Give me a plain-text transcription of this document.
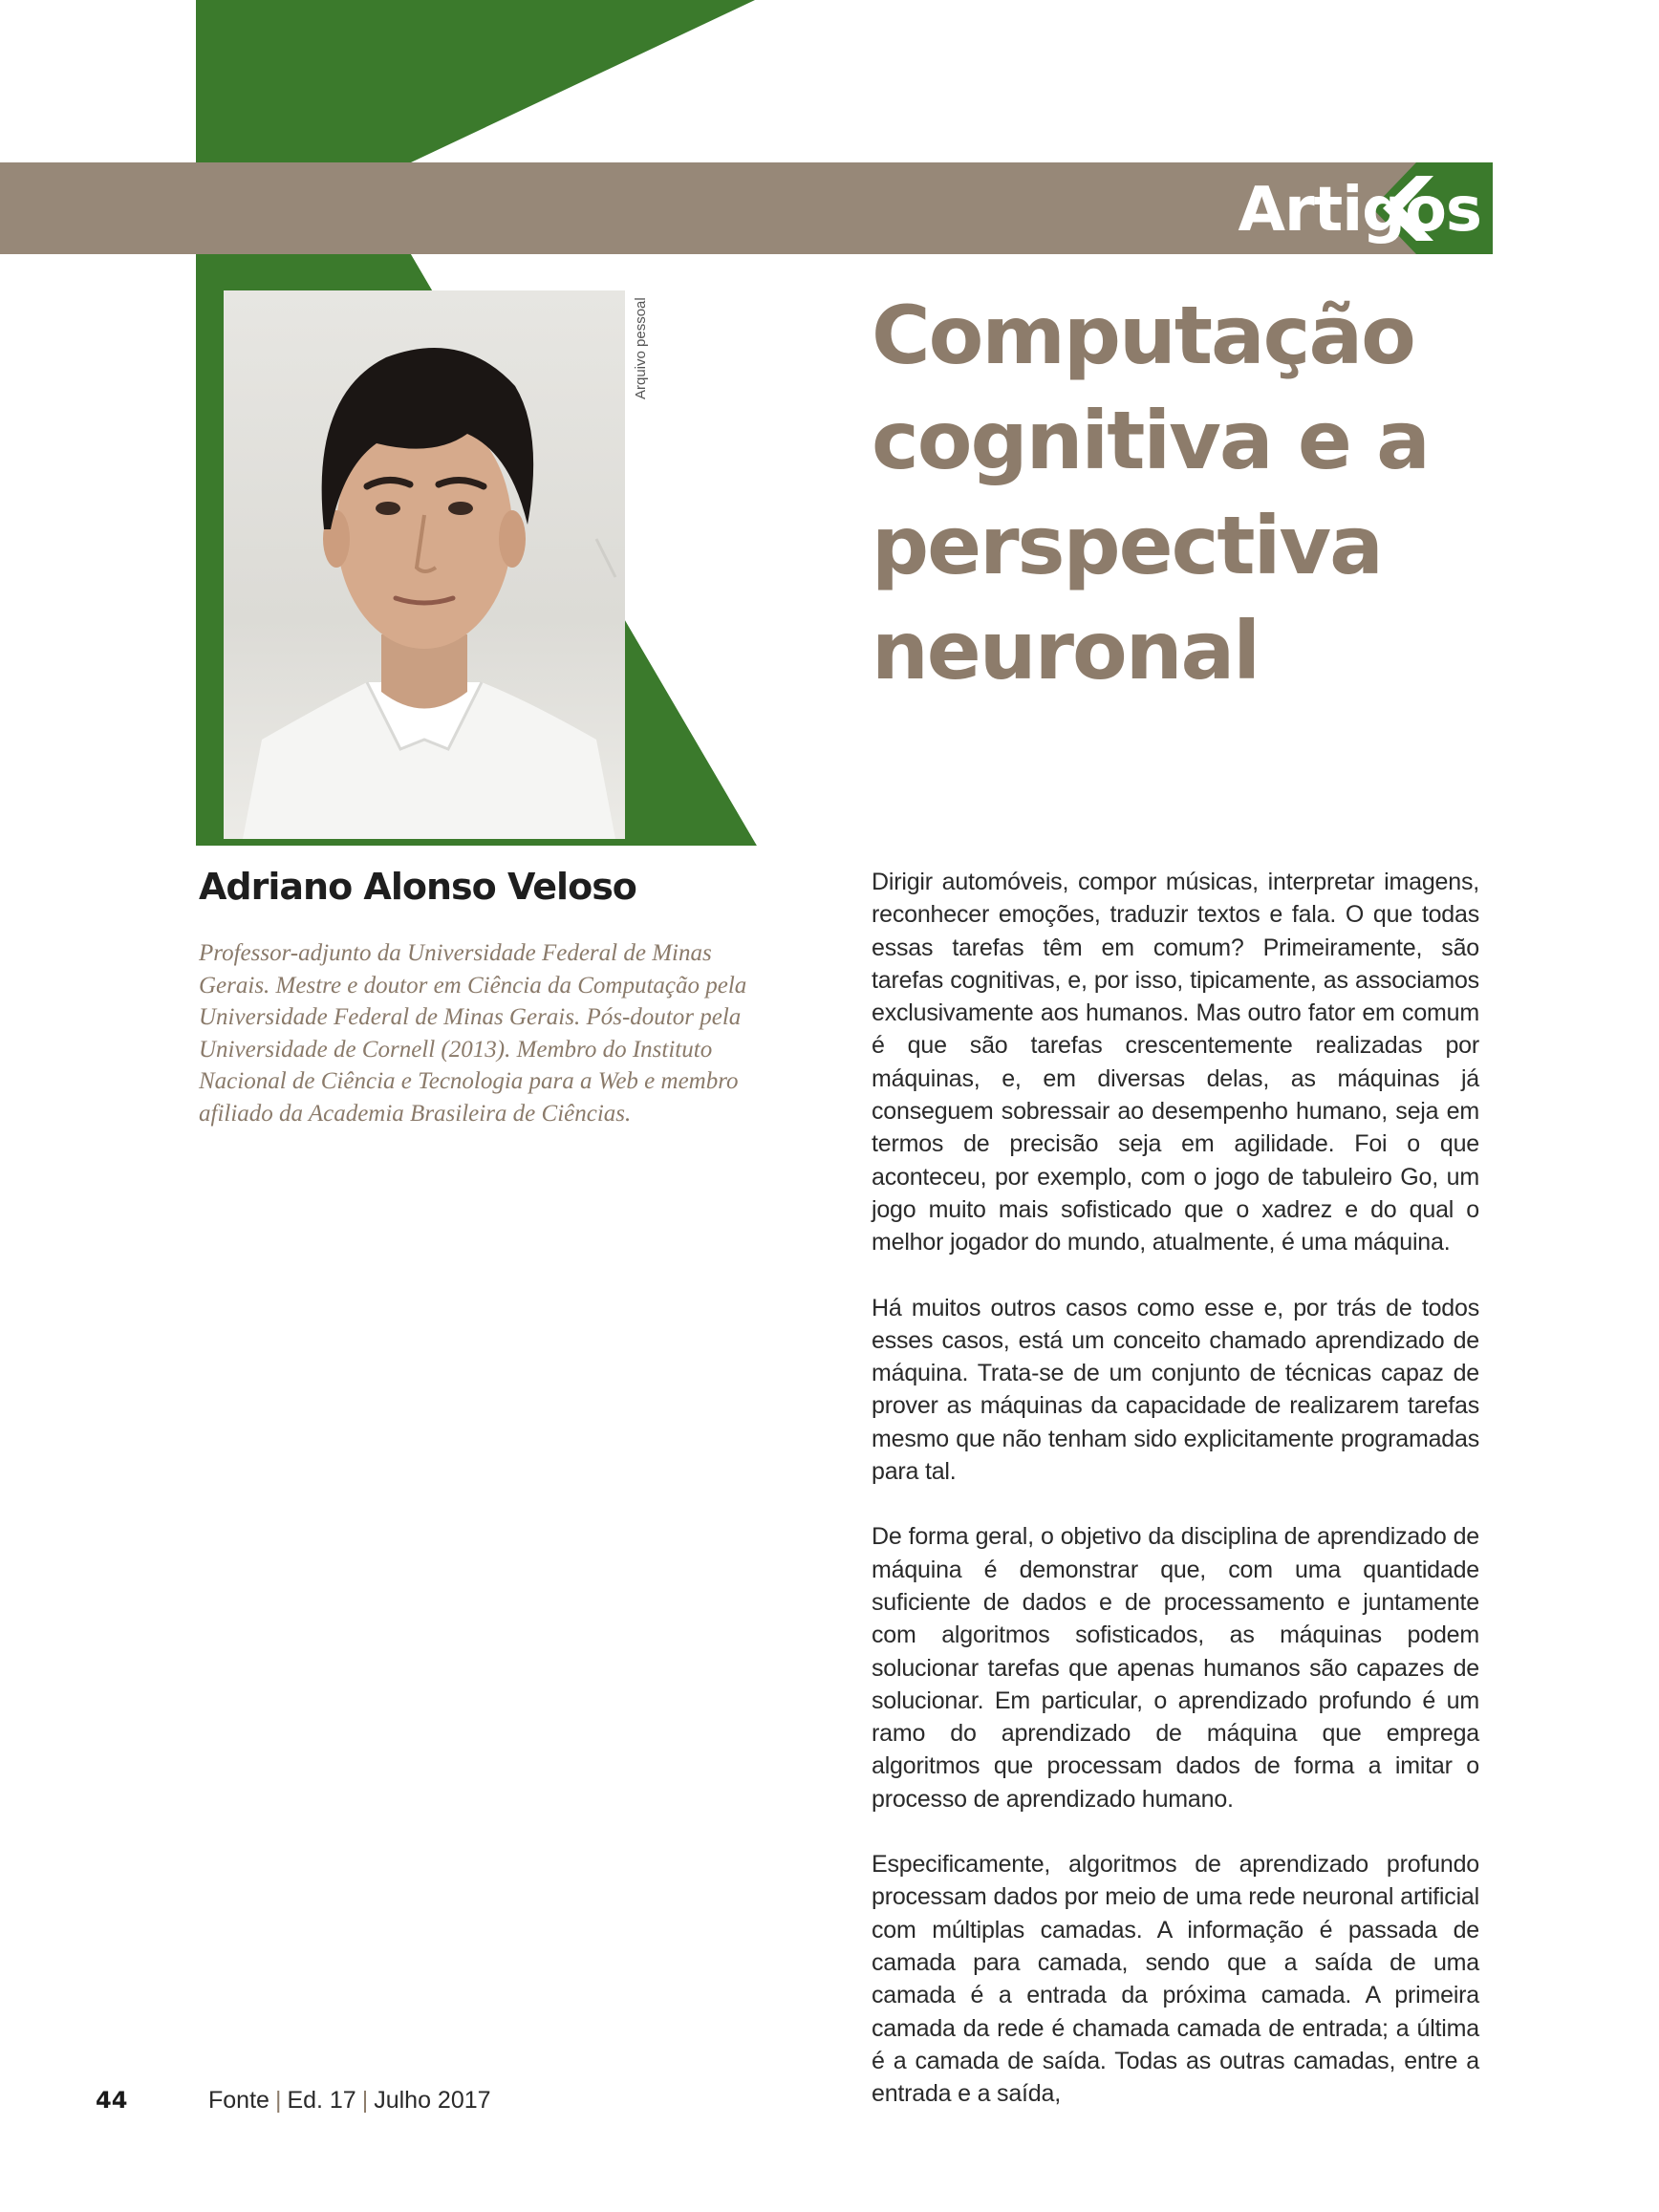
Artigos
Computação
cognitiva e a
perspectiva
neuronal
Arquivo pessoal
Adriano Alonso Veloso

Professor-adjunto da Universidade Federal de Minas Gerais. Mestre e doutor em Ciência da Computação pela Universidade Federal de Minas Gerais. Pós-doutor pela Universidade de Cornell (2013). Membro do Instituto Nacional de Ciência e Tecnologia para a Web e membro afiliado da Academia Brasileira de Ciências.

Dirigir automóveis, compor músicas, interpretar imagens, reconhecer emoções, traduzir textos e fala. O que todas essas tarefas têm em comum? Primeiramente, são tarefas cognitivas, e, por isso, tipicamente, as associamos exclusivamente aos humanos. Mas outro fator em comum é que são tarefas crescentemente realizadas por máquinas, e, em diversas delas, as máquinas já conseguem sobressair ao desempenho humano, seja em termos de precisão seja em agilidade. Foi o que aconteceu, por exemplo, com o jogo de tabuleiro Go, um jogo muito mais sofisticado que o xadrez e do qual o melhor jogador do mundo, atualmente, é uma máquina.

Há muitos outros casos como esse e, por trás de todos esses casos, está um conceito chamado aprendizado de máquina. Trata-se de um conjunto de técnicas capaz de prover as máquinas da capacidade de realizarem tarefas mesmo que não tenham sido explicitamente programadas para tal.

De forma geral, o objetivo da disciplina de aprendizado de máquina é demonstrar que, com uma quantidade suficiente de dados e de processamento e juntamente com algoritmos sofisticados, as máquinas podem solucionar tarefas que apenas humanos são capazes de solucionar. Em particular, o aprendizado profundo é um ramo do aprendizado de máquina que emprega algoritmos que processam dados de forma a imitar o processo de aprendizado humano.

Especificamente, algoritmos de aprendizado profundo processam dados por meio de uma rede neuronal artificial com múltiplas camadas. A informação é passada de camada para camada, sendo que a saída de uma camada é a entrada da próxima camada. A primeira camada da rede é chamada camada de entrada; a última é a camada de saída. Todas as outras camadas, entre a entrada e a saída,

44	Fonte | Ed. 17 | Julho 2017
